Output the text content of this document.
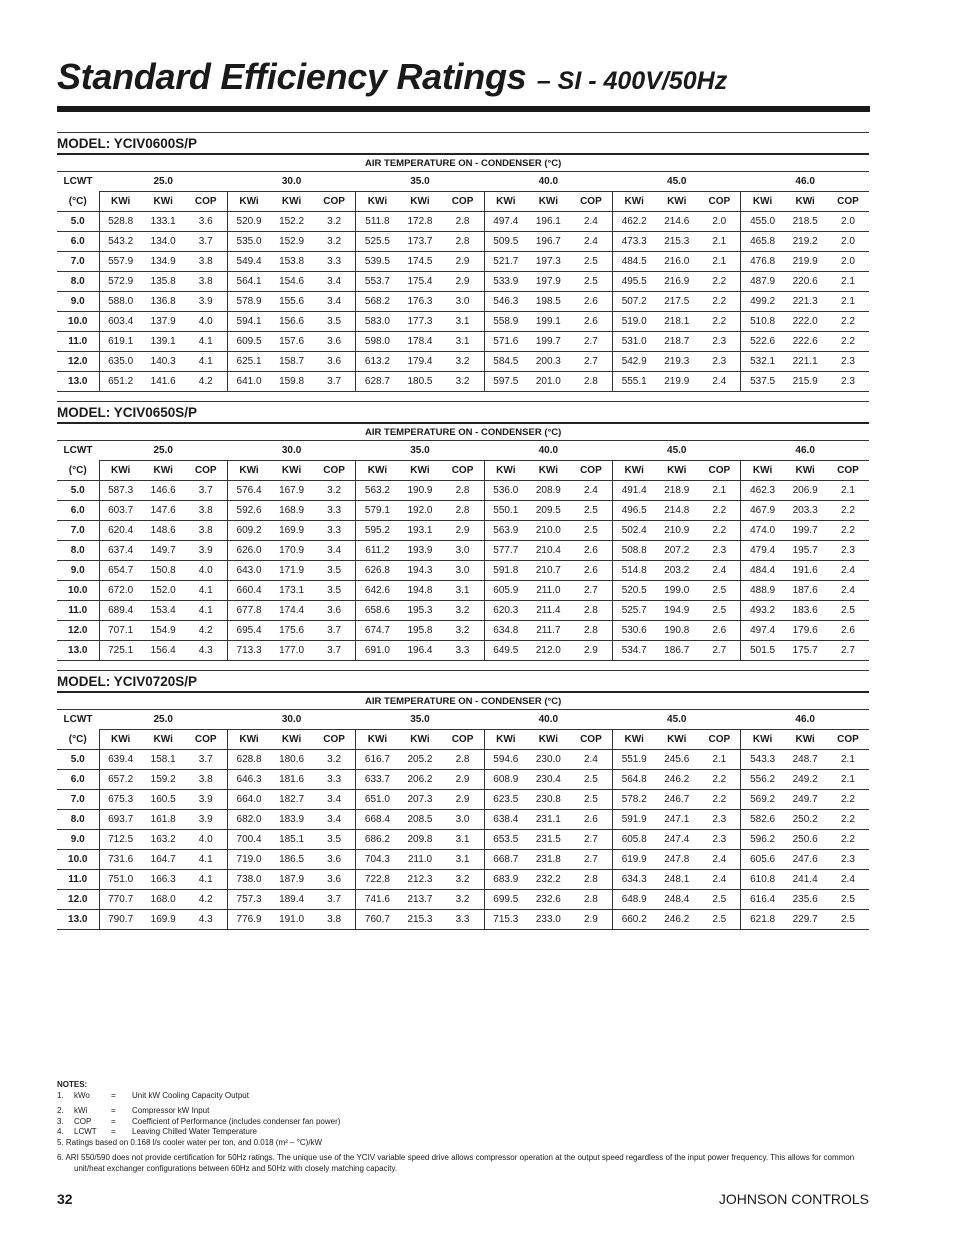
Standard Efficiency Ratings – SI - 400V/50Hz
MODEL: YCIV0600S/P
AIR TEMPERATURE ON - CONDENSER (°C)																		
LCWT	25.0			30.0			35.0			40.0			45.0			46.0		
(°C)	KWi	KWi	COP	KWi	KWi	COP	KWi	KWi	COP	KWi	KWi	COP	KWi	KWi	COP	KWi	KWi	COP
5.0	528.8	133.1	3.6	520.9	152.2	3.2	511.8	172.8	2.8	497.4	196.1	2.4	462.2	214.6	2.0	455.0	218.5	2.0
6.0	543.2	134.0	3.7	535.0	152.9	3.2	525.5	173.7	2.8	509.5	196.7	2.4	473.3	215.3	2.1	465.8	219.2	2.0
7.0	557.9	134.9	3.8	549.4	153.8	3.3	539.5	174.5	2.9	521.7	197.3	2.5	484.5	216.0	2.1	476.8	219.9	2.0
8.0	572.9	135.8	3.8	564.1	154.6	3.4	553.7	175.4	2.9	533.9	197.9	2.5	495.5	216.9	2.2	487.9	220.6	2.1
9.0	588.0	136.8	3.9	578.9	155.6	3.4	568.2	176.3	3.0	546.3	198.5	2.6	507.2	217.5	2.2	499.2	221.3	2.1
10.0	603.4	137.9	4.0	594.1	156.6	3.5	583.0	177.3	3.1	558.9	199.1	2.6	519.0	218.1	2.2	510.8	222.0	2.2
11.0	619.1	139.1	4.1	609.5	157.6	3.6	598.0	178.4	3.1	571.6	199.7	2.7	531.0	218.7	2.3	522.6	222.6	2.2
12.0	635.0	140.3	4.1	625.1	158.7	3.6	613.2	179.4	3.2	584.5	200.3	2.7	542.9	219.3	2.3	532.1	221.1	2.3
13.0	651.2	141.6	4.2	641.0	159.8	3.7	628.7	180.5	3.2	597.5	201.0	2.8	555.1	219.9	2.4	537.5	215.9	2.3
MODEL: YCIV0650S/P
AIR TEMPERATURE ON - CONDENSER (°C)																		
LCWT	25.0			30.0			35.0			40.0			45.0			46.0		
(°C)	KWi	KWi	COP	KWi	KWi	COP	KWi	KWi	COP	KWi	KWi	COP	KWi	KWi	COP	KWi	KWi	COP
5.0	587.3	146.6	3.7	576.4	167.9	3.2	563.2	190.9	2.8	536.0	208.9	2.4	491.4	218.9	2.1	462.3	206.9	2.1
6.0	603.7	147.6	3.8	592.6	168.9	3.3	579.1	192.0	2.8	550.1	209.5	2.5	496.5	214.8	2.2	467.9	203.3	2.2
7.0	620.4	148.6	3.8	609.2	169.9	3.3	595.2	193.1	2.9	563.9	210.0	2.5	502.4	210.9	2.2	474.0	199.7	2.2
8.0	637.4	149.7	3.9	626.0	170.9	3.4	611.2	193.9	3.0	577.7	210.4	2.6	508.8	207.2	2.3	479.4	195.7	2.3
9.0	654.7	150.8	4.0	643.0	171.9	3.5	626.8	194.3	3.0	591.8	210.7	2.6	514.8	203.2	2.4	484.4	191.6	2.4
10.0	672.0	152.0	4.1	660.4	173.1	3.5	642.6	194.8	3.1	605.9	211.0	2.7	520.5	199.0	2.5	488.9	187.6	2.4
11.0	689.4	153.4	4.1	677.8	174.4	3.6	658.6	195.3	3.2	620.3	211.4	2.8	525.7	194.9	2.5	493.2	183.6	2.5
12.0	707.1	154.9	4.2	695.4	175.6	3.7	674.7	195.8	3.2	634.8	211.7	2.8	530.6	190.8	2.6	497.4	179.6	2.6
13.0	725.1	156.4	4.3	713.3	177.0	3.7	691.0	196.4	3.3	649.5	212.0	2.9	534.7	186.7	2.7	501.5	175.7	2.7
MODEL: YCIV0720S/P
AIR TEMPERATURE ON - CONDENSER (°C)																		
LCWT	25.0			30.0			35.0			40.0			45.0			46.0		
(°C)	KWi	KWi	COP	KWi	KWi	COP	KWi	KWi	COP	KWi	KWi	COP	KWi	KWi	COP	KWi	KWi	COP
5.0	639.4	158.1	3.7	628.8	180.6	3.2	616.7	205.2	2.8	594.6	230.0	2.4	551.9	245.6	2.1	543.3	248.7	2.1
6.0	657.2	159.2	3.8	646.3	181.6	3.3	633.7	206.2	2.9	608.9	230.4	2.5	564.8	246.2	2.2	556.2	249.2	2.1
7.0	675.3	160.5	3.9	664.0	182.7	3.4	651.0	207.3	2.9	623.5	230.8	2.5	578.2	246.7	2.2	569.2	249.7	2.2
8.0	693.7	161.8	3.9	682.0	183.9	3.4	668.4	208.5	3.0	638.4	231.1	2.6	591.9	247.1	2.3	582.6	250.2	2.2
9.0	712.5	163.2	4.0	700.4	185.1	3.5	686.2	209.8	3.1	653.5	231.5	2.7	605.8	247.4	2.3	596.2	250.6	2.2
10.0	731.6	164.7	4.1	719.0	186.5	3.6	704.3	211.0	3.1	668.7	231.8	2.7	619.9	247.8	2.4	605.6	247.6	2.3
11.0	751.0	166.3	4.1	738.0	187.9	3.6	722.8	212.3	3.2	683.9	232.2	2.8	634.3	248.1	2.4	610.8	241.4	2.4
12.0	770.7	168.0	4.2	757.3	189.4	3.7	741.6	213.7	3.2	699.5	232.6	2.8	648.9	248.4	2.5	616.4	235.6	2.5
13.0	790.7	169.9	4.3	776.9	191.0	3.8	760.7	215.3	3.3	715.3	233.0	2.9	660.2	246.2	2.5	621.8	229.7	2.5
NOTES:
1.	kWo	=	Unit kW Cooling Capacity Output
2.	kWi	=	Compressor kW Input
3.	COP	=	Coefficient of Performance (includes condenser fan power)
4.	LCWT	=	Leaving Chilled Water Temperature
5. Ratings based on 0.168 l/s cooler water per ton, and 0.018 (m² – °C)/kW
6. ARI 550/590 does not provide certification for 50Hz ratings. The unique use of the YCIV variable speed drive allows compressor operation at the output speed regardless of the input power frequency. This allows for common unit/heat exchanger configurations between 60Hz and 50Hz with closely matching capacity.
32	JOHNSON CONTROLS
